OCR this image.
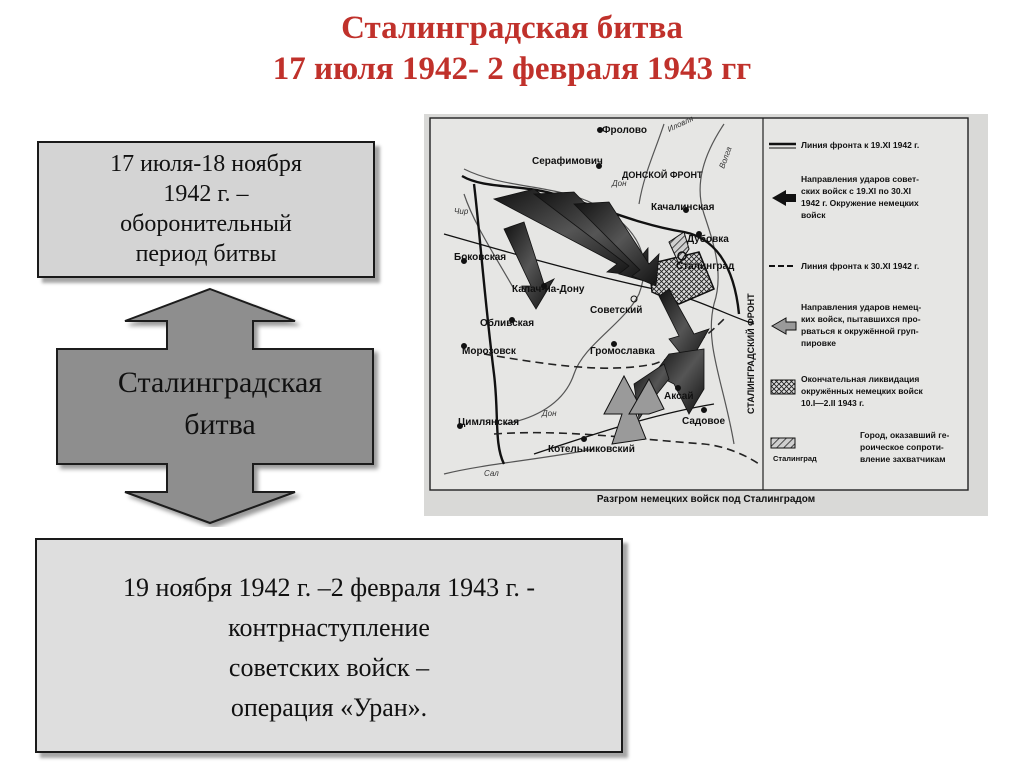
Сталинградская битва
17 июля 1942- 2 февраля 1943 гг
17 июля-18 ноября
1942 г. –
оборонительный
период битвы
Сталинградская
битва
19 ноября 1942 г. –2 февраля 1943 г. -
контрнаступление
советских войск –
операция «Уран».
Фролово
Серафимович
Качалинская
Дубовка
Сталинград
Боковская
Калач-на-Дону
Советский
Обливская
Морозовск	Громославка
Аксай
Садовое
Цимлянская
Котельниковский
Дон
Иловля
Волга
Чир
Дон
Сал
ДОНСКОЙ ФРОНТ
СТАЛИНГРАДСКИЙ ФРОНТ
Линия фронта к 19.XI 1942 г.
Направления ударов совет-
ских войск с 19.XI по 30.XI
1942 г. Окружение немецких
войск
Линия фронта к 30.XI 1942 г.
Направления ударов немец-
ких войск, пытавшихся про-
рваться к окружённой груп-
пировке
Окончательная ликвидация
окружённых немецких войск
10.I—2.II 1943 г.
Сталинград
Город, оказавший ге-
роическое сопроти-
вление захватчикам
Разгром немецких войск под Сталинградом
